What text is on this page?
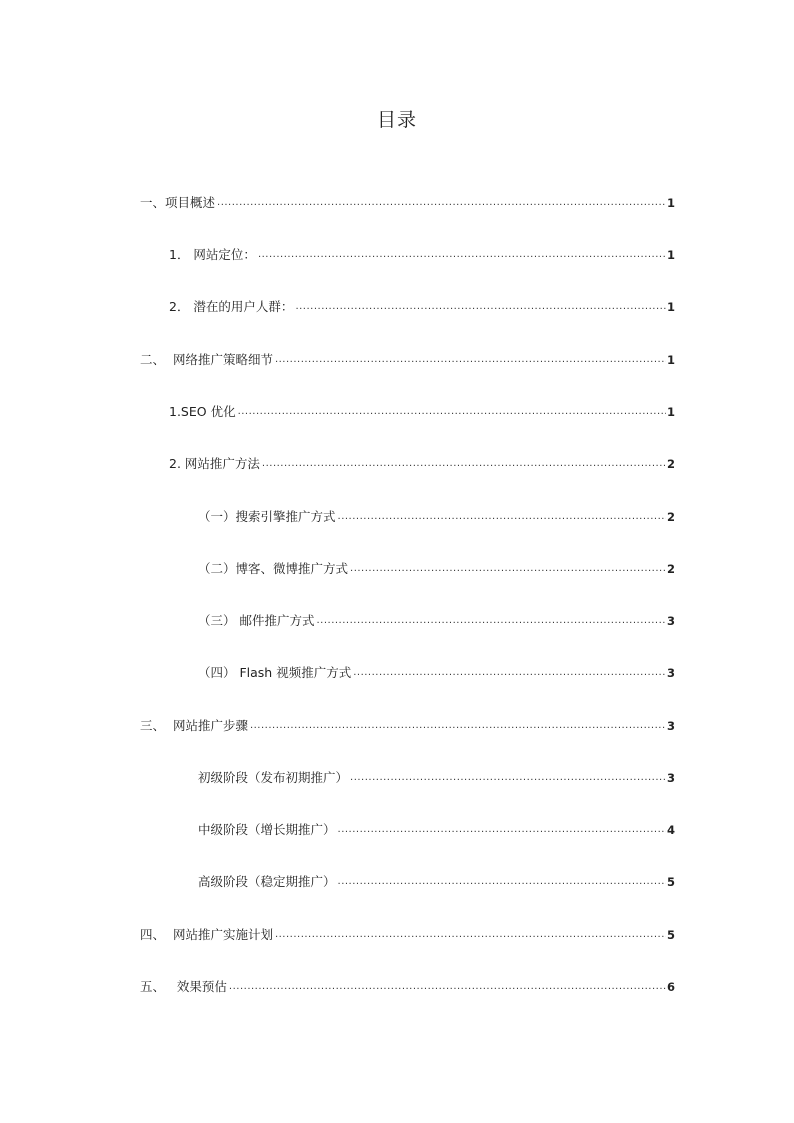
目录
一、项目概述 .....	1
1． 网站定位： .....	1
2． 潜在的用户人群： .....	1
二、  网络推广策略细节 .....	1
1.SEO 优化 .....	1
2. 网站推广方法 .....	2
（一）搜索引擎推广方式 .....	2
（二）博客、微博推广方式 .....	2
（三） 邮件推广方式 .....	3
（四） Flash 视频推广方式 .....	3
三、  网站推广步骤 .....	3
初级阶段（发布初期推广） .....	3
中级阶段（增长期推广） .....	4
高级阶段（稳定期推广） .....	5
四、  网站推广实施计划 .....	5
五、   效果预估 .....	6
